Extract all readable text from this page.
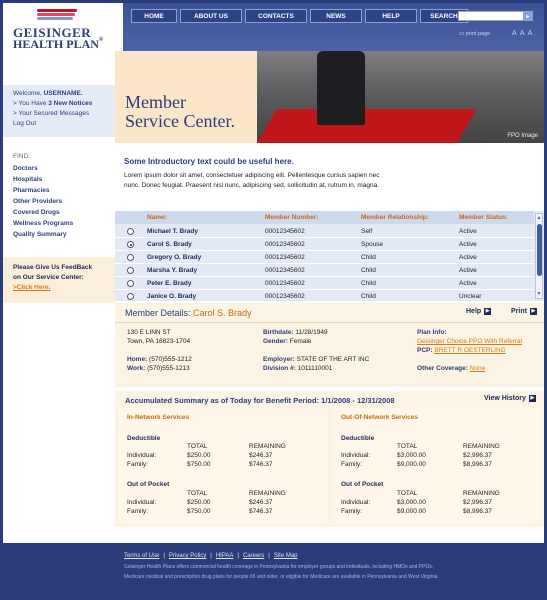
GEISINGER
HEALTH PLAN®
HOME	ABOUT US	CONTACTS	NEWS	HELP	SEARCH	▸
▭ print page	A A A
Welcome, USERNAME.
> You Have 3 New Notices
> Your Secured Messages
Log Out
FIND:
Doctors
Hospitals
Pharmacies
Other Providers
Covered Drugs
Wellness Programs
Quality Summary
Please Give Us FeedBack
on Our Service Center:
>Click Here.
Member
Service Center.
FPO Image
Some Introductory text could be useful here.
Lorem ipsum dolor sit amet, consectetuer adipiscing elit. Pellentesque cursus sapien nec nunc. Donec feugiat. Praesent nisl nunc, adipiscing sed, sollicitudin at, rutrum in, magna.
Name:	Member Number:	Member Relationship:	Member Status:
Michael T. Brady	00012345602	Self	Active
Carol S. Brady	00012345602	Spouse	Active
Gregory O. Brady	00012345602	Child	Active
Marsha Y. Brady	00012345602	Child	Active
Peter E. Brady	00012345602	Child	Active
Janice O. Brady	00012345602	Child	Unclear
▲
▼
Member Details: Carol S. Brady	Help ▶	Print ▶
130 E LINN ST
Town, PA 16823-1704
Home: (570)555-1212
Work: (570)555-1213
Birthdate: 11/28/1949
Gender: Female
Employer: STATE OF THE ART INC
Division #: 1011110001
Plan Info:
Geisinger Choice PPO With Referral
PCP: BRETT R OESTERLING
Other Coverage: None
Accumulated Summary as of Today for Benefit Period: 1/1/2008 - 12/31/2008	View History ▶
In-Network Services
Deductible
TOTAL	REMAINING
Individual:	$250.00	$246.37
Family:	$750.00	$746.37
Out of Pocket
TOTAL	REMAINING
Individual:	$250.00	$246.37
Family:	$750.00	$746.37
Out-Of-Network Services
Deductible
TOTAL	REMAINING
Individual:	$3,000.00	$2,996.37
Family:	$9,000.00	$8,996.37
Out of Pocket
TOTAL	REMAINING
Individual:	$3,000.00	$2,996.37
Family:	$9,000.00	$8,996.37
Terms of Use | Privacy Policy | HIPAA | Careers | Site Map
Geisinger Health Plans offers commercial health coverage in Pennsylvania for employer groups and individuals, including HMOs and PPOs.
Medicare medical and prescription drug plans for people 65 and older, or eligible for Medicare are available in Pennsylvania and West Virginia.
